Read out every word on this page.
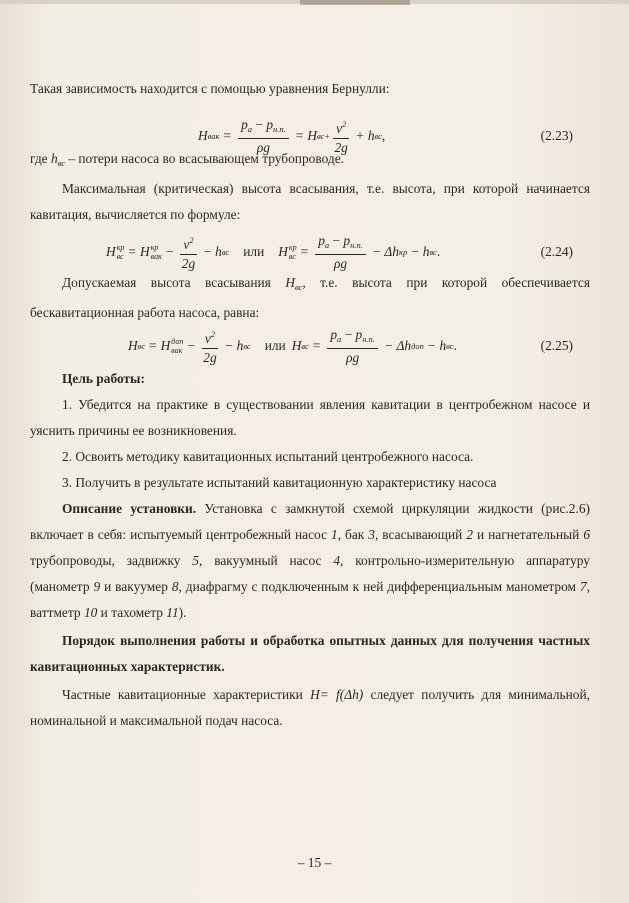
Такая зависимость находится с помощью уравнения Бернулли:

H вак = $\frac{p_a - p_{н.п.}}{\rho g} = H$ $вс+ \frac{v^2}{2g} + h$ вс ,	(2.23)

где $h_{вс}$ – потери насоса во всасывающем трубопроводе.

Максимальная (критическая) высота всасывания, т.е. высота, при которой начинается кавитация, вычисляется по формуле:

H кр
вс = H кр
вак − $\frac{v^2}{2g} - h$ вс или H кр
вс = $\frac{p_a - p_{н.п.}}{\rho g} - \Delta h$ кр − h вс .	(2.24)

Допускаемая высота всасывания $H_{вс}$, т.е. высота при которой обеспечивается бескавитационная работа насоса, равна:

H вс = H доп
вак − $\frac{v^2}{2g} - h$ вс или H вс = $\frac{p_a - p_{н.п.}}{\rho g} - \Delta h$ доп − h вс .	(2.25)

Цель работы:

1. Убедится на практике в существовании явления кавитации в центробежном насосе и уяснить причины ее возникновения.

2. Освоить методику кавитационных испытаний центробежного насоса.

3. Получить в результате испытаний кавитационную характеристику насоса

Описание установки. Установка с замкнутой схемой циркуляции жидкости (рис.2.6) включает в себя: испытуемый центробежный насос 1, бак 3, всасывающий 2 и нагнетательный 6 трубопроводы, задвижку 5, вакуумный насос 4, контрольно-измерительную аппаратуру (манометр 9 и вакуумер 8, диафрагму с подключенным к ней дифференциальным манометром 7, ваттметр 10 и тахометр 11).

Порядок выполнения работы и обработка опытных данных для получения частных кавитационных характеристик.

Частные кавитационные характеристики H= f(Δh) следует получить для минимальной, номинальной и максимальной подач насоса.

– 15 –
